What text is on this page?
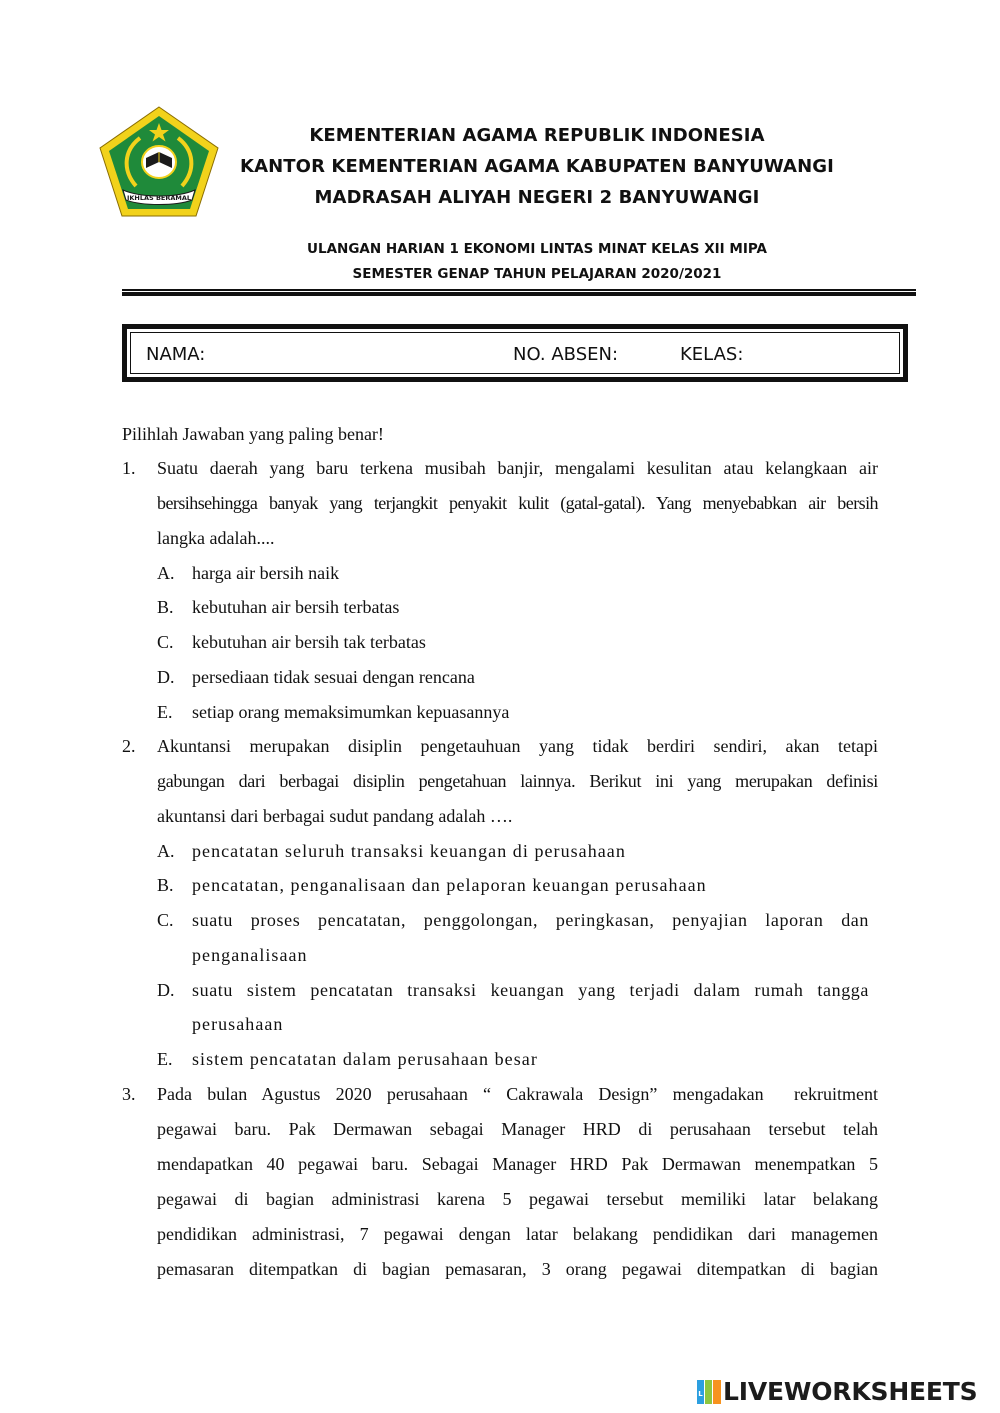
IKHLAS BERAMAL
KEMENTERIAN AGAMA REPUBLIK INDONESIA
KANTOR KEMENTERIAN AGAMA KABUPATEN BANYUWANGI
MADRASAH ALIYAH NEGERI 2 BANYUWANGI
ULANGAN HARIAN 1 EKONOMI LINTAS MINAT KELAS XII MIPA
SEMESTER GENAP TAHUN PELAJARAN 2020/2021
NAMA:	NO. ABSEN:	KELAS:
Pilihlah Jawaban yang paling benar!
1. Suatu daerah yang baru terkena musibah banjir, mengalami kesulitan atau kelangkaan air
bersihsehingga banyak yang terjangkit penyakit kulit (gatal-gatal). Yang menyebabkan air bersih
langka adalah....
A. harga air bersih naik
B. kebutuhan air bersih terbatas
C. kebutuhan air bersih tak terbatas
D. persediaan tidak sesuai dengan rencana
E. setiap orang memaksimumkan kepuasannya
2. Akuntansi merupakan disiplin pengetauhuan yang tidak berdiri sendiri, akan tetapi
gabungan dari berbagai disiplin pengetahuan lainnya. Berikut ini yang merupakan definisi
akuntansi dari berbagai sudut pandang adalah ….
A. pencatatan seluruh transaksi keuangan di perusahaan
B. pencatatan, penganalisaan dan pelaporan keuangan perusahaan
C. suatu proses pencatatan, penggolongan, peringkasan, penyajian laporan dan
penganalisaan
D. suatu sistem pencatatan transaksi keuangan yang terjadi dalam rumah tangga
perusahaan
E. sistem pencatatan dalam perusahaan besar
3. Pada bulan Agustus 2020 perusahaan “ Cakrawala Design” mengadakan  rekruitment
pegawai baru. Pak Dermawan sebagai Manager HRD di perusahaan tersebut telah
mendapatkan 40 pegawai baru. Sebagai Manager HRD Pak Dermawan menempatkan 5
pegawai di bagian administrasi karena 5 pegawai tersebut memiliki latar belakang
pendidikan administrasi, 7 pegawai dengan latar belakang pendidikan dari managemen
pemasaran ditempatkan di bagian pemasaran, 3 orang pegawai ditempatkan di bagian
L LIVEWORKSHEETS
